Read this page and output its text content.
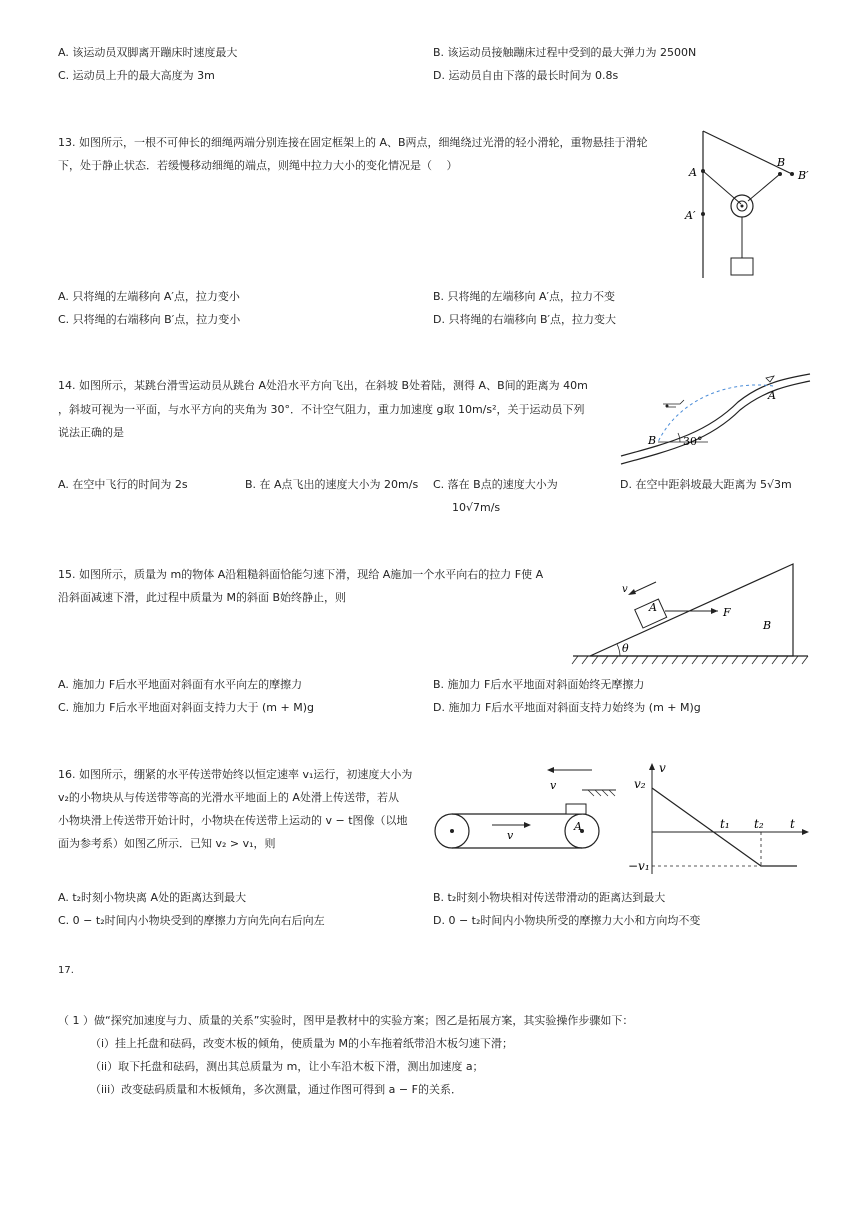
A. 该运动员双脚离开蹦床时速度最大	B. 该运动员接触蹦床过程中受到的最大弹力为 2500N
C. 运动员上升的最大高度为 3m	D. 运动员自由下落的最长时间为 0.8s
13. 如图所示，一根不可伸长的细绳两端分别连接在固定框架上的 A、B两点，细绳绕过光滑的轻小滑轮，重物悬挂于滑轮
下，处于静止状态．若缓慢移动细绳的端点，则绳中拉力大小的变化情况是（　 ）
A
A′
B
B′
A. 只将绳的左端移向 A′点，拉力变小	B. 只将绳的左端移向 A′点，拉力不变
C. 只将绳的右端移向 B′点，拉力变小	D. 只将绳的右端移向 B′点，拉力变大
14. 如图所示，某跳台滑雪运动员从跳台 A处沿水平方向飞出，在斜坡 B处着陆，测得 A、B间的距离为 40m
，斜坡可视为一平面，与水平方向的夹角为 30°．不计空气阻力，重力加速度 g取 10m/s²，关于运动员下列
说法正确的是
A
B 30°
A. 在空中飞行的时间为 2s	B. 在 A点飞出的速度大小为 20m/s C. 落在 B点的速度大小为
10√7m/s
D. 在空中距斜坡最大距离为 5√3m
15. 如图所示，质量为 m的物体 A沿粗糙斜面恰能匀速下滑，现给 A施加一个水平向右的拉力 F使 A
沿斜面减速下滑，此过程中质量为 M的斜面 B始终静止，则
v
A	F
B
θ
A. 施加力 F后水平地面对斜面有水平向左的摩擦力	B. 施加力 F后水平地面对斜面始终无摩擦力
C. 施加力 F后水平地面对斜面支持力大于 (m + M)g	D. 施加力 F后水平地面对斜面支持力始终为 (m + M)g
16. 如图所示，绷紧的水平传送带始终以恒定速率 v₁运行，初速度大小为
v₂的小物块从与传送带等高的光滑水平地面上的 A处滑上传送带，若从
小物块滑上传送带开始计时，小物块在传送带上运动的 v − t图像（以地
面为参考系）如图乙所示．已知 v₂ > v₁，则
v
v
A
v
v₂
t₁ t₂ t
−v₁
A. t₂时刻小物块离 A处的距离达到最大	B. t₂时刻小物块相对传送带滑动的距离达到最大
C. 0 − t₂时间内小物块受到的摩擦力方向先向右后向左	D. 0 − t₂时间内小物块所受的摩擦力大小和方向均不变
17.
（ 1 ）做“探究加速度与力、质量的关系”实验时，图甲是教材中的实验方案；图乙是拓展方案，其实验操作步骤如下：
（i）挂上托盘和砝码，改变木板的倾角，使质量为 M的小车拖着纸带沿木板匀速下滑；
（ii）取下托盘和砝码，测出其总质量为 m，让小车沿木板下滑，测出加速度 a；
（iii）改变砝码质量和木板倾角，多次测量，通过作图可得到 a − F的关系．
